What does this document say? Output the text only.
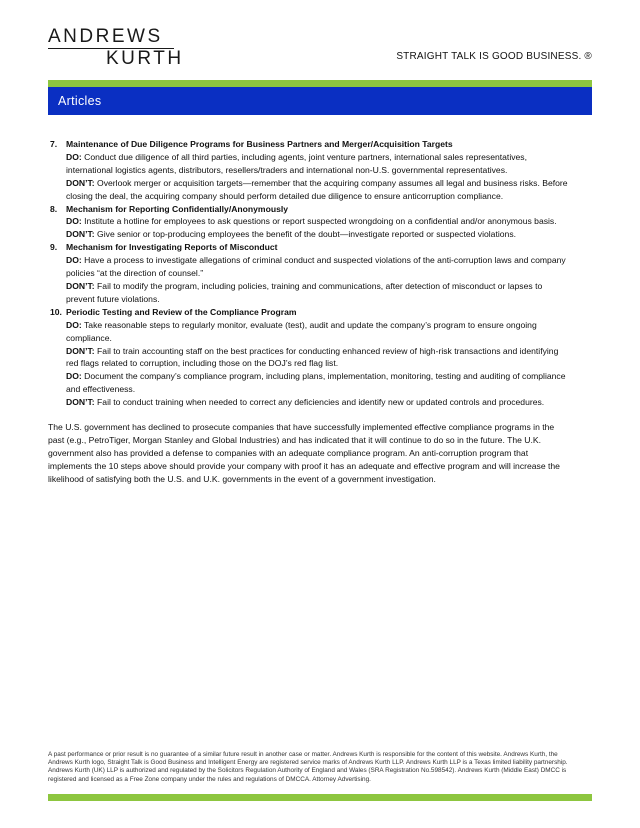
ANDREWS
KURTH	STRAIGHT TALK IS GOOD BUSINESS. ®
Articles
7. Maintenance of Due Diligence Programs for Business Partners and Merger/Acquisition Targets
DO: Conduct due diligence of all third parties, including agents, joint venture partners, international sales representatives, international logistics agents, distributors, resellers/traders and international non-U.S. governmental representatives.
DON’T: Overlook merger or acquisition targets—remember that the acquiring company assumes all legal and business risks. Before closing the deal, the acquiring company should perform detailed due diligence to ensure anticorruption compliance.
8. Mechanism for Reporting Confidentially/Anonymously
DO: Institute a hotline for employees to ask questions or report suspected wrongdoing on a confidential and/or anonymous basis.
DON’T: Give senior or top-producing employees the benefit of the doubt—investigate reported or suspected violations.
9. Mechanism for Investigating Reports of Misconduct
DO: Have a process to investigate allegations of criminal conduct and suspected violations of the anti-corruption laws and company policies “at the direction of counsel.”
DON’T: Fail to modify the program, including policies, training and communications, after detection of misconduct or lapses to prevent future violations.
10. Periodic Testing and Review of the Compliance Program
DO: Take reasonable steps to regularly monitor, evaluate (test), audit and update the company’s program to ensure ongoing compliance.
DON’T: Fail to train accounting staff on the best practices for conducting enhanced review of high-risk transactions and identifying red flags related to corruption, including those on the DOJ’s red flag list.
DO: Document the company’s compliance program, including plans, implementation, monitoring, testing and auditing of compliance and effectiveness.
DON’T: Fail to conduct training when needed to correct any deficiencies and identify new or updated controls and procedures.

The U.S. government has declined to prosecute companies that have successfully implemented effective compliance programs in the past (e.g., PetroTiger, Morgan Stanley and Global Industries) and has indicated that it will continue to do so in the future. The U.K. government also has provided a defense to companies with an adequate compliance program. An anti-corruption program that implements the 10 steps above should provide your company with proof it has an adequate and effective program and will increase the likelihood of satisfying both the U.S. and U.K. governments in the event of a government investigation.

A past performance or prior result is no guarantee of a similar future result in another case or matter. Andrews Kurth is responsible for the content of this website. Andrews Kurth, the Andrews Kurth logo, Straight Talk is Good Business and Intelligent Energy are registered service marks of Andrews Kurth LLP. Andrews Kurth LLP is a Texas limited liability partnership. Andrews Kurth (UK) LLP is authorized and regulated by the Solicitors Regulation Authority of England and Wales (SRA Registration No.598542). Andrews Kurth (Middle East) DMCC is registered and licensed as a Free Zone company under the rules and regulations of DMCCA. Attorney Advertising.
